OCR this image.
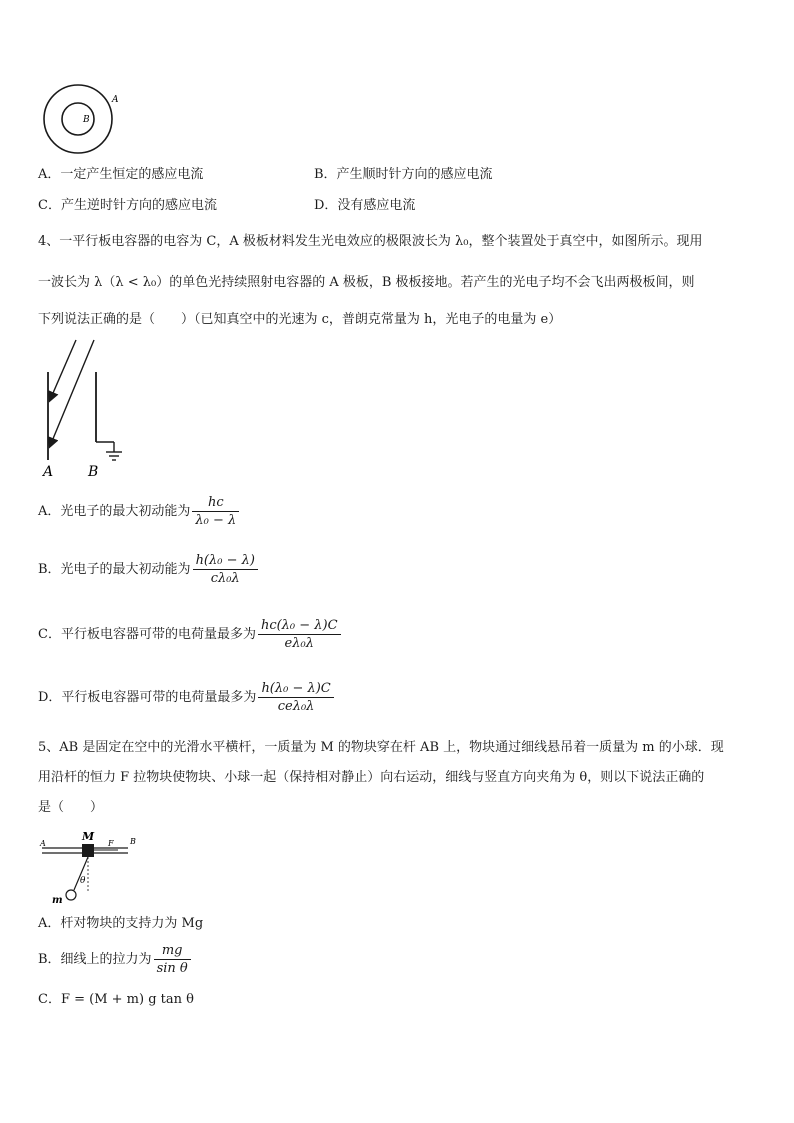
A
B
A．一定产生恒定的感应电流	B．产生顺时针方向的感应电流
C．产生逆时针方向的感应电流	D．没有感应电流
4、一平行板电容器的电容为 C，A 极板材料发生光电效应的极限波长为 λ₀，整个装置处于真空中，如图所示。现用
一波长为 λ（λ < λ₀）的单色光持续照射电容器的 A 极板，B 极板接地。若产生的光电子均不会飞出两极板间，则
下列说法正确的是（　　）（已知真空中的光速为 c，普朗克常量为 h，光电子的电量为 e）
A B
A．光电子的最大初动能为 $\frac{hc}{\text{λ₀ − λ}}$
B．光电子的最大初动能为 $\frac{\text{h(λ₀ − λ)}}{\text{cλ₀λ}}$
C．平行板电容器可带的电荷量最多为 $\frac{\text{hc(λ₀ − λ)C}}{\text{eλ₀λ}}$
D．平行板电容器可带的电荷量最多为 $\frac{\text{h(λ₀ − λ)C}}{\text{ceλ₀λ}}$
5、AB 是固定在空中的光滑水平横杆，一质量为 M 的物块穿在杆 AB 上，物块通过细线悬吊着一质量为 m 的小球．现
用沿杆的恒力 F 拉物块使物块、小球一起（保持相对静止）向右运动，细线与竖直方向夹角为 θ，则以下说法正确的
是（　　）
A	B
M
F
θ
m
A．杆对物块的支持力为 Mg
B．细线上的拉力为 $\frac{mg}{\text{sin θ}}$
C．F = (M + m) g tan θ
